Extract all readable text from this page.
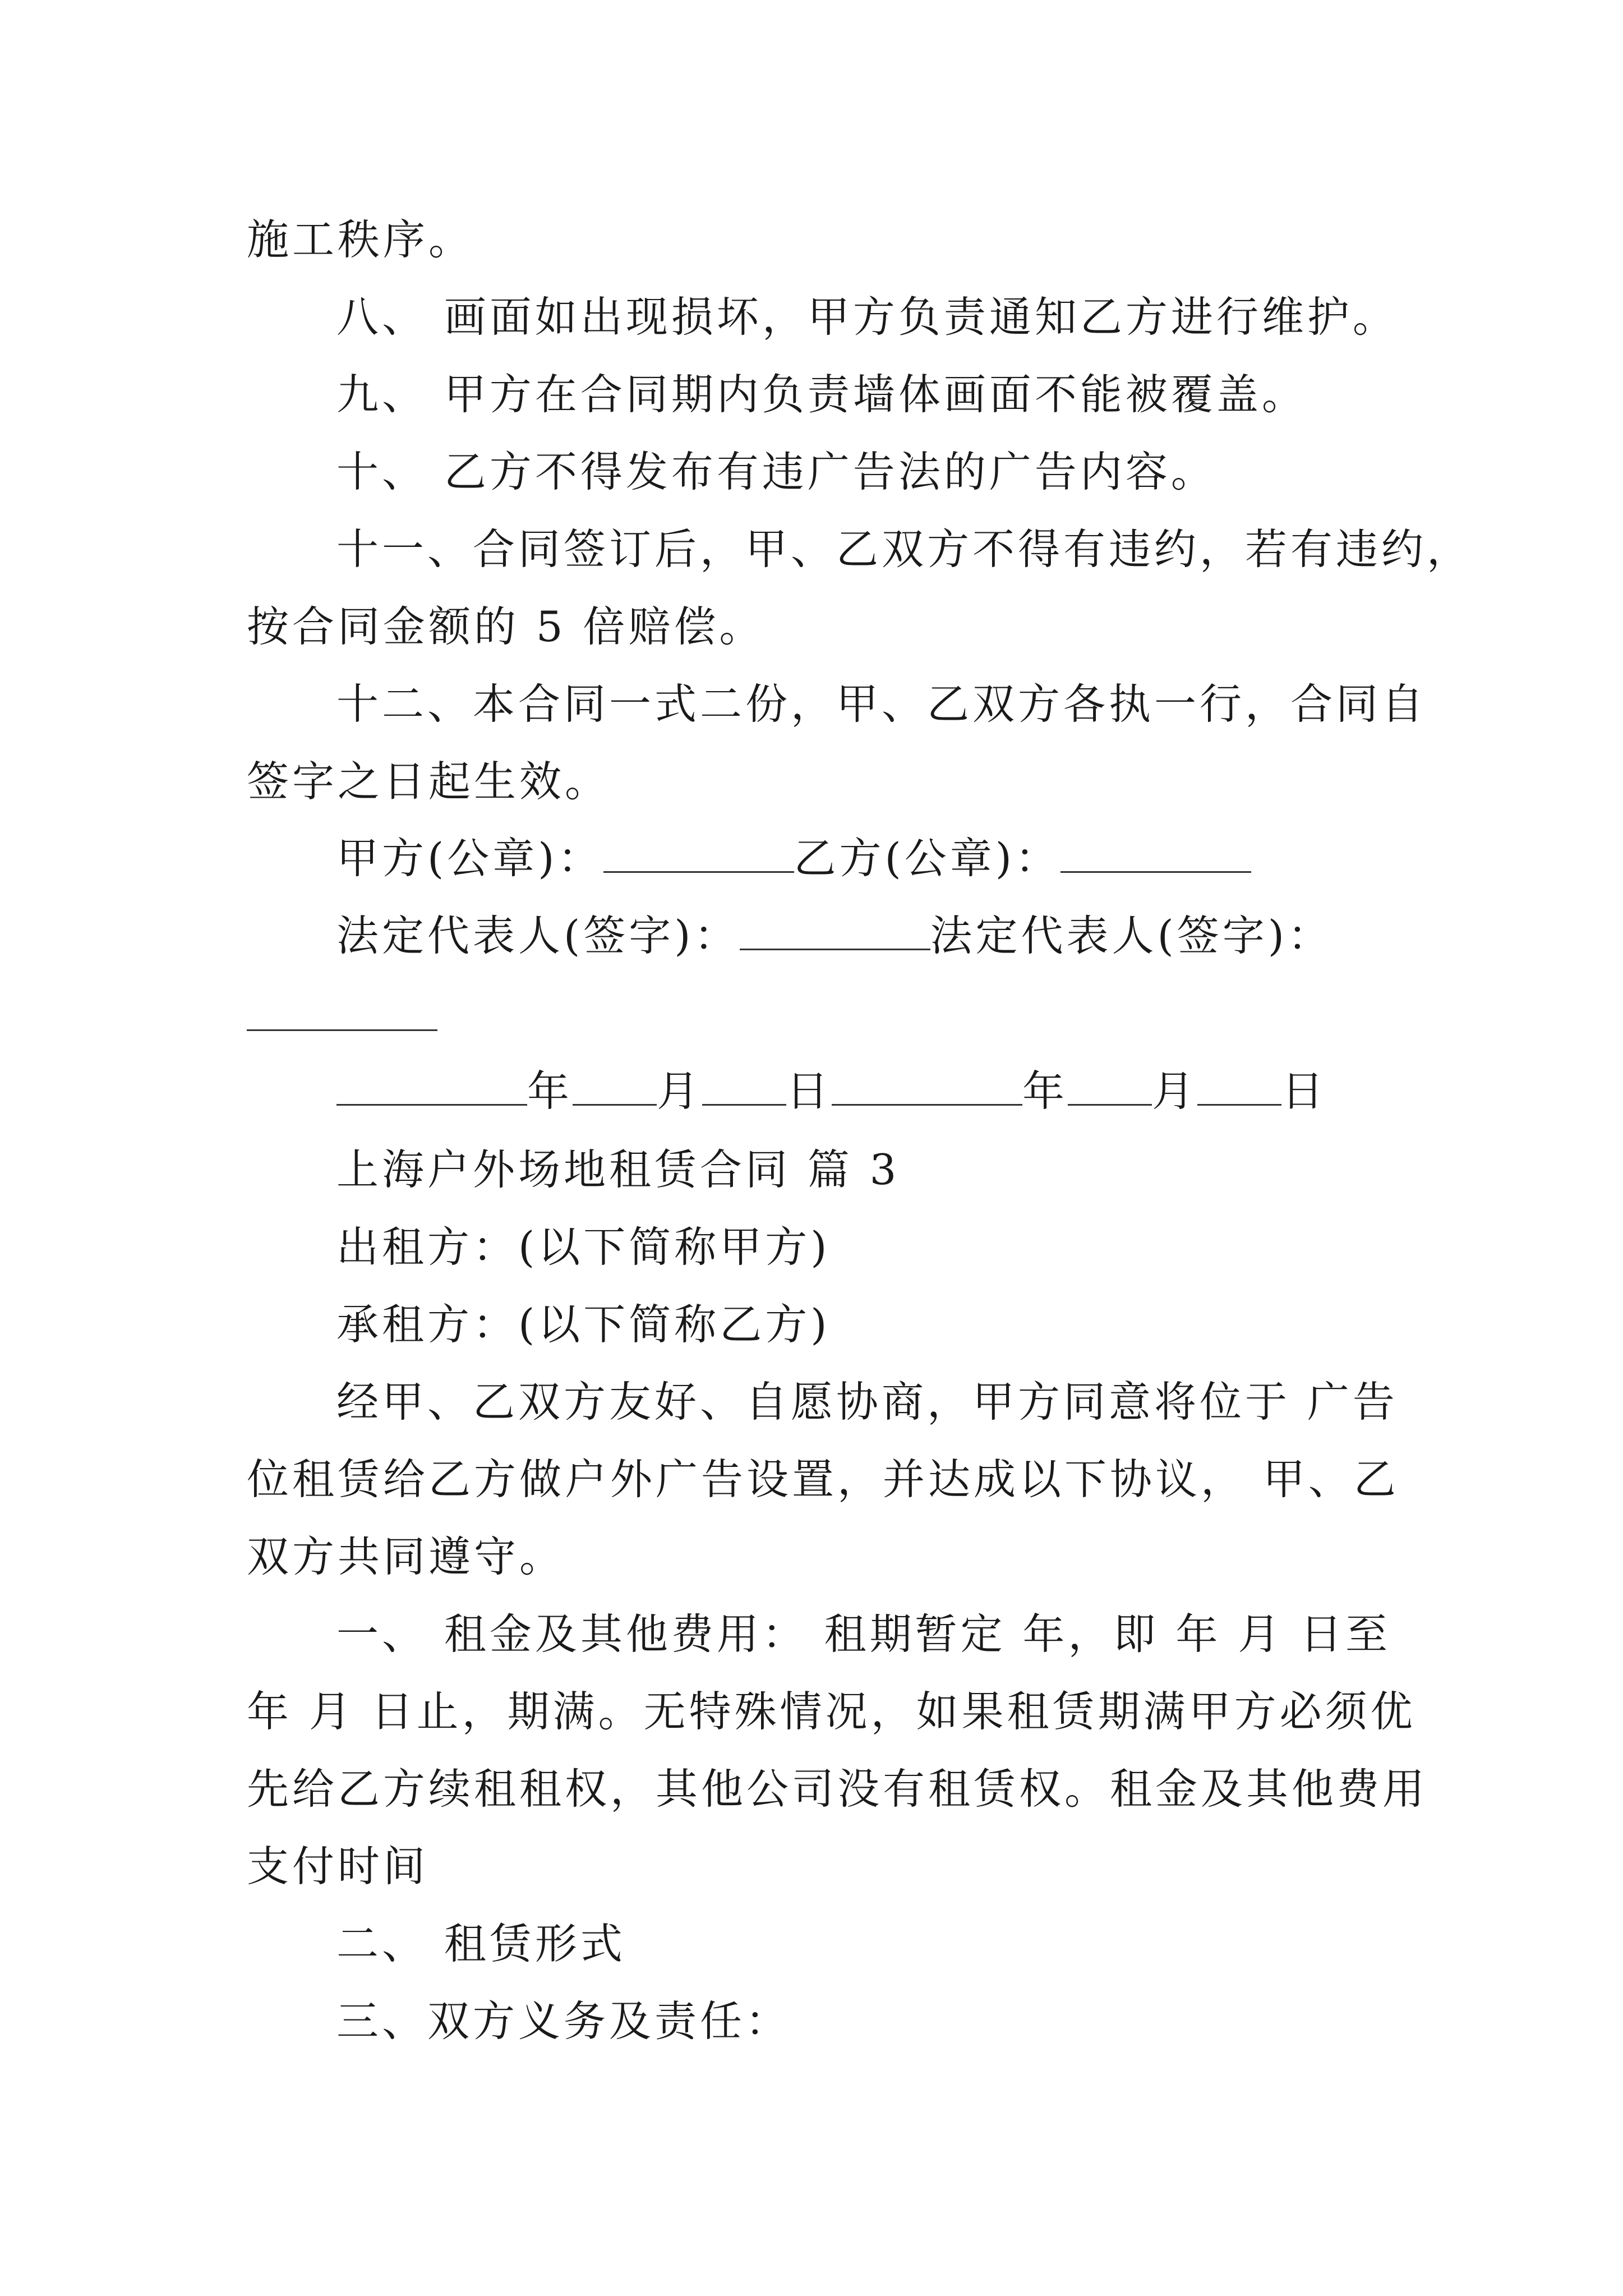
施工秩序。
八、 画面如出现损坏，甲方负责通知乙方进行维护。
九、 甲方在合同期内负责墙体画面不能被覆盖。
十、 乙方不得发布有违广告法的广告内容。
十一、合同签订后，甲、乙双方不得有违约，若有违约，
按合同金额的 5 倍赔偿。
十二、本合同一式二份，甲、乙双方各执一行，合同自
签字之日起生效。
甲方(公章)：	乙方(公章)：
法定代表人(签字)：	法定代表人(签字)：
年 月 日	年 月 日
上海户外场地租赁合同 篇 3
出租方：(以下简称甲方)
承租方：(以下简称乙方)
经甲、乙双方友好、自愿协商，甲方同意将位于 广告
位租赁给乙方做户外广告设置，并达成以下协议， 甲、乙
双方共同遵守。
一、 租金及其他费用： 租期暂定 年，即 年 月 日至
年 月 日止，期满。无特殊情况，如果租赁期满甲方必须优
先给乙方续租租权，其他公司没有租赁权。租金及其他费用
支付时间
二、 租赁形式
三、双方义务及责任：
